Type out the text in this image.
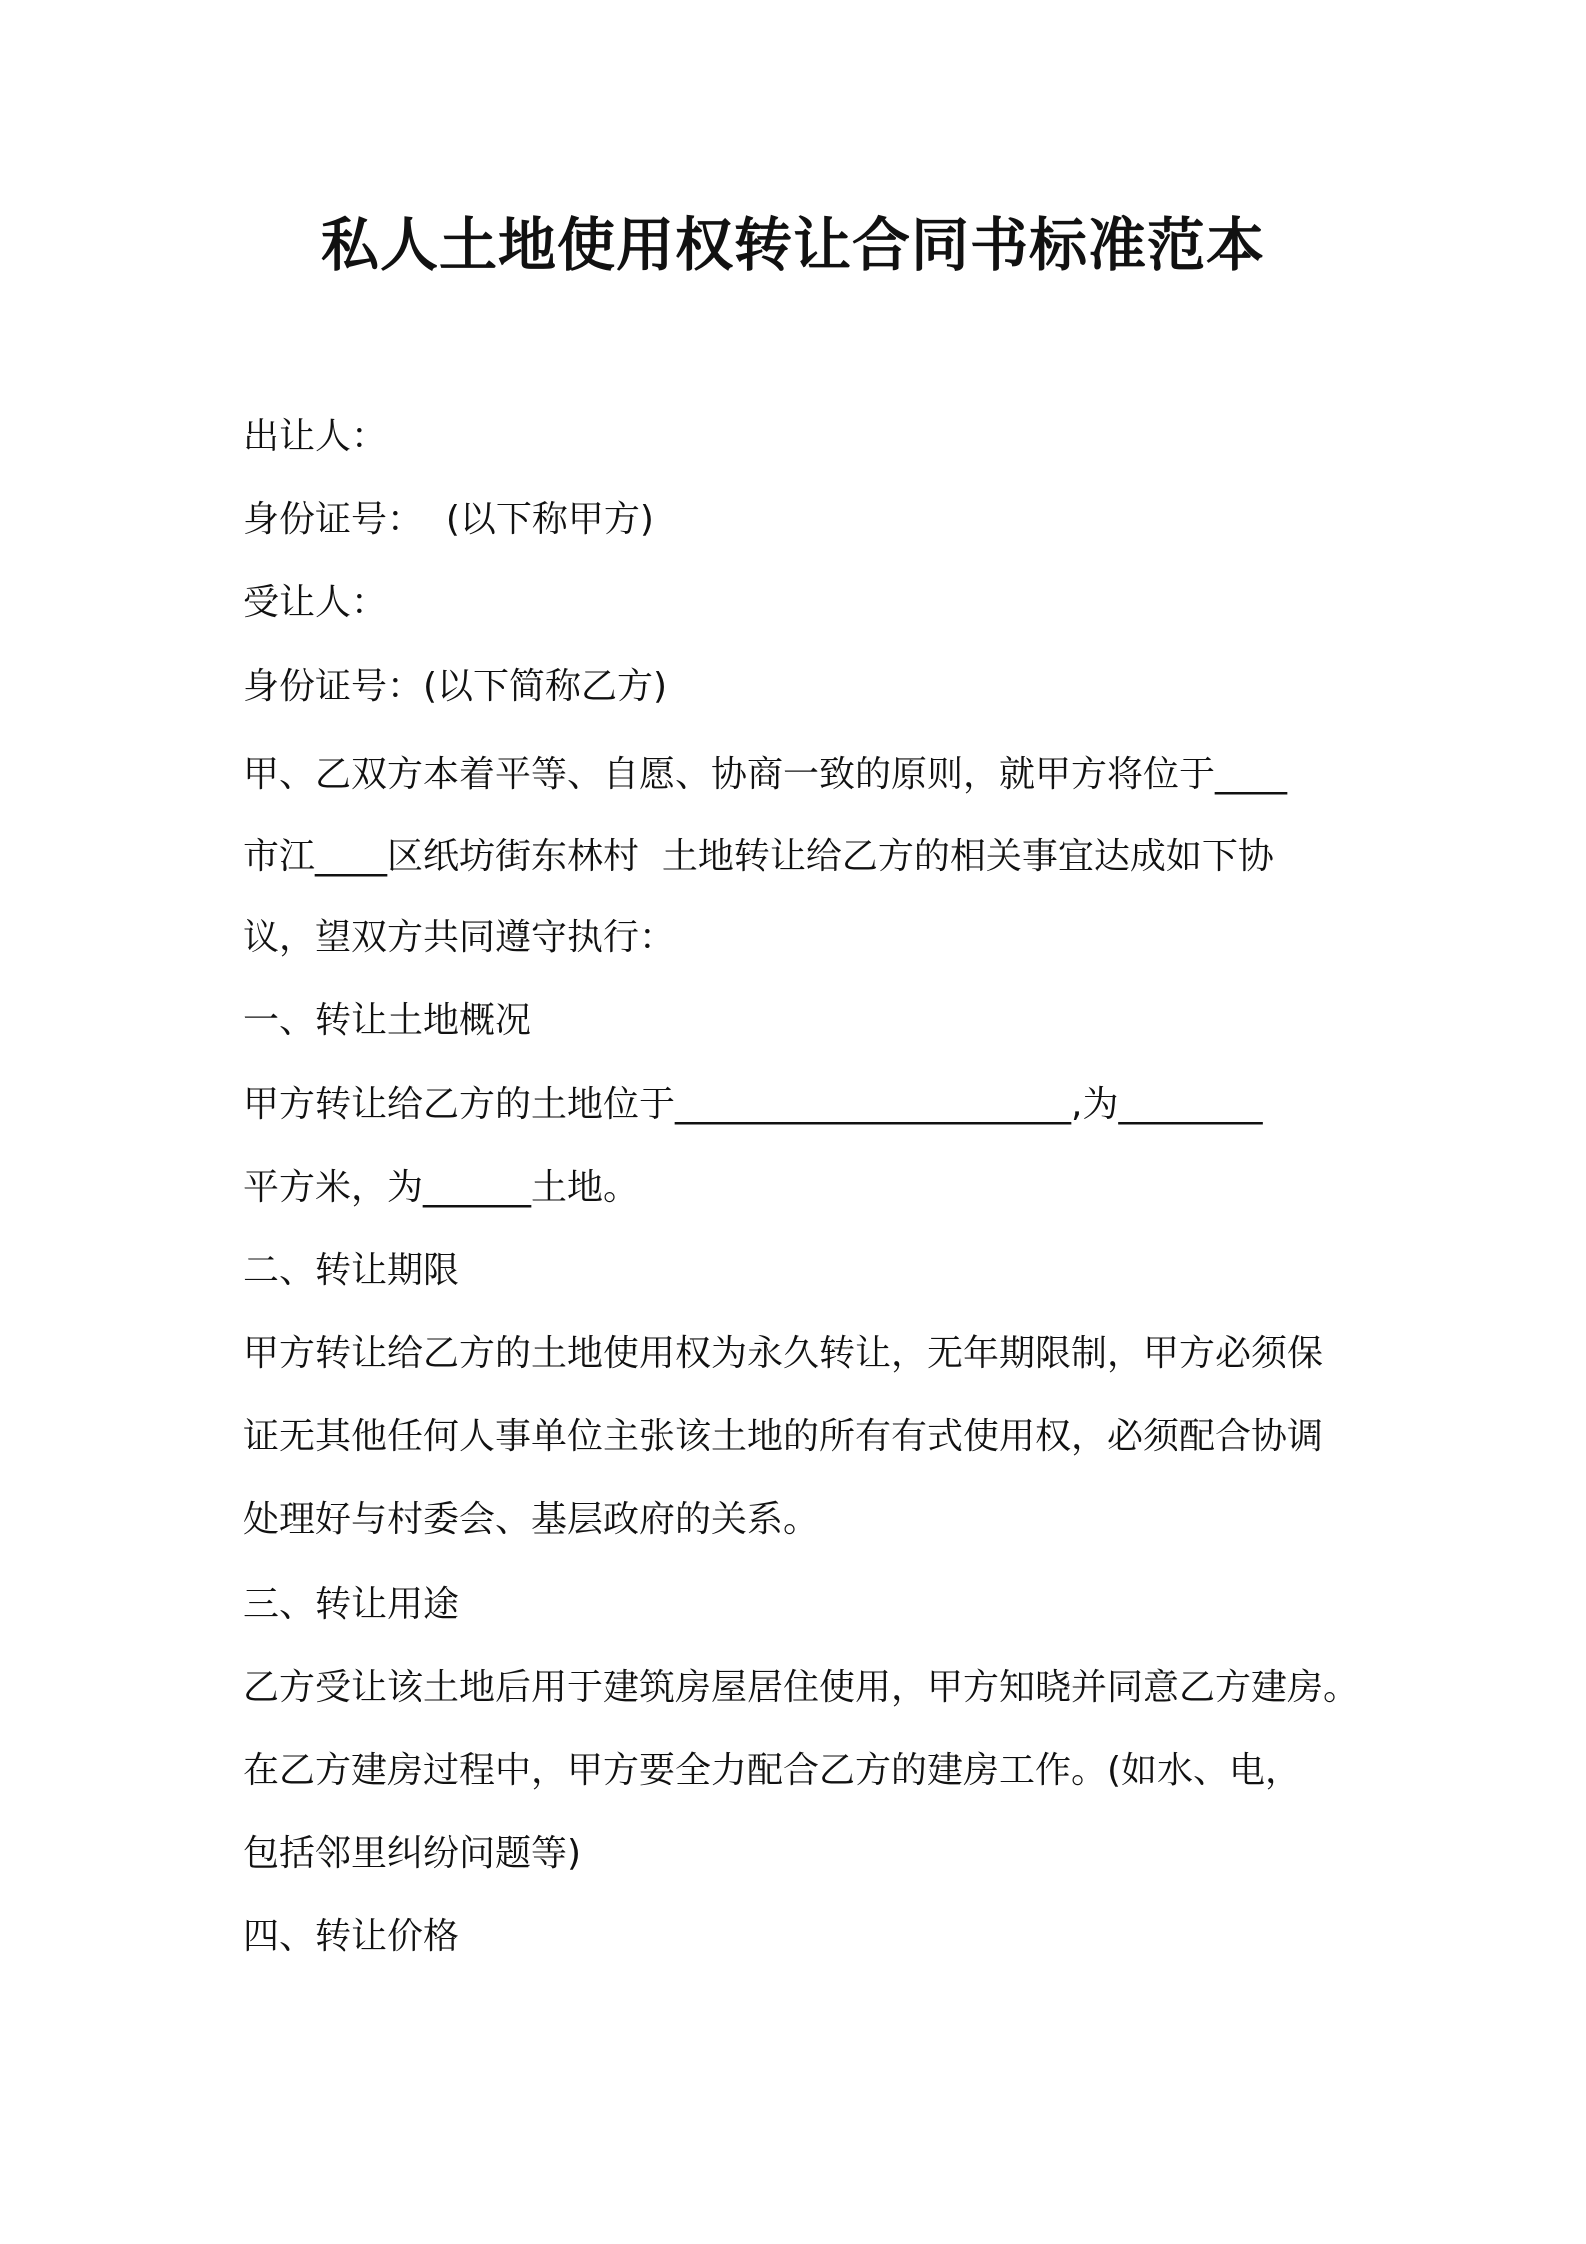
私人土地使用权转让合同书标准范本

出让人：

身份证号：  (以下称甲方)

受让人：

身份证号：(以下简称乙方)

甲、乙双方本着平等、自愿、协商一致的原则，就甲方将位于____

市江____区纸坊街东林村  土地转让给乙方的相关事宜达成如下协

议，望双方共同遵守执行：

一、转让土地概况

甲方转让给乙方的土地位于______________________,为________

平方米，为______土地。

二、转让期限

甲方转让给乙方的土地使用权为永久转让，无年期限制，甲方必须保

证无其他任何人事单位主张该土地的所有有式使用权，必须配合协调

处理好与村委会、基层政府的关系。

三、转让用途

乙方受让该土地后用于建筑房屋居住使用，甲方知晓并同意乙方建房。

在乙方建房过程中，甲方要全力配合乙方的建房工作。(如水、电，

包括邻里纠纷问题等)

四、转让价格
